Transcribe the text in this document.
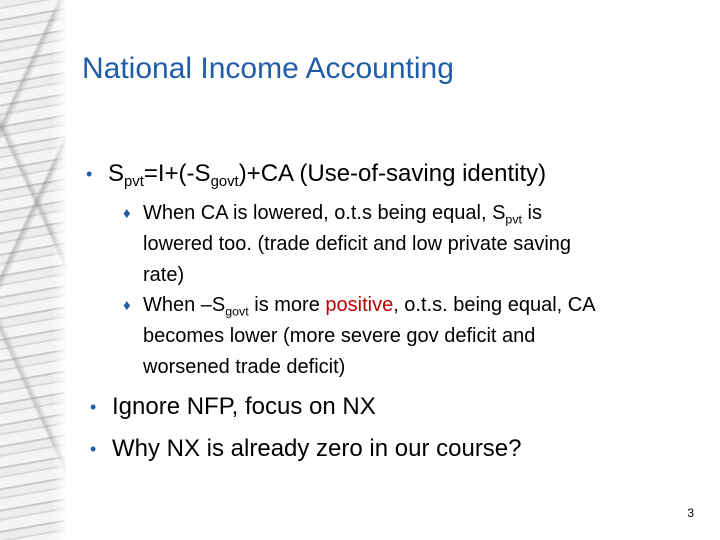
National Income Accounting
• $S_{pvt}=I+(-S_{govt})+CA$ (Use-of-saving identity)
♦ When CA is lowered, o.t.s being equal, $S_{pvt}$ is
lowered too. (trade deficit and low private saving
rate)
♦ When $-S_{govt}$ is more positive, o.t.s. being equal, CA
becomes lower (more severe gov deficit and
worsened trade deficit)
• Ignore NFP, focus on NX
• Why NX is already zero in our course?
3
